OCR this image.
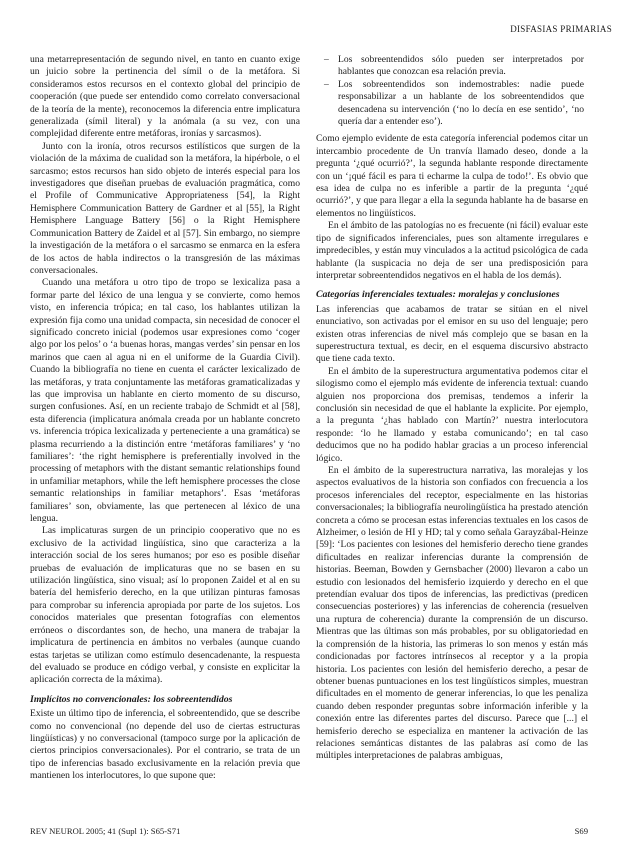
DISFASIAS PRIMARIAS

una metarrepresentación de segundo nivel, en tanto en cuanto exige un juicio sobre la pertinencia del símil o de la metáfora. Si consideramos estos recursos en el contexto global del principio de cooperación (que puede ser entendido como correlato conversacional de la teoría de la mente), reconocemos la diferencia entre implicatura generalizada (símil literal) y la anómala (a su vez, con una complejidad diferente entre metáforas, ironías y sarcasmos).

Junto con la ironía, otros recursos estilísticos que surgen de la violación de la máxima de cualidad son la metáfora, la hipérbole, o el sarcasmo; estos recursos han sido objeto de interés especial para los investigadores que diseñan pruebas de evaluación pragmática, como el Profile of Communicative Appropriateness [54], la Right Hemisphere Communication Battery de Gardner et al [55], la Right Hemisphere Language Battery [56] o la Right Hemisphere Communication Battery de Zaidel et al [57]. Sin embargo, no siempre la investigación de la metáfora o el sarcasmo se enmarca en la esfera de los actos de habla indirectos o la transgresión de las máximas conversacionales.

Cuando una metáfora u otro tipo de tropo se lexicaliza pasa a formar parte del léxico de una lengua y se convierte, como hemos visto, en inferencia trópica; en tal caso, los hablantes utilizan la expresión fija como una unidad compacta, sin necesidad de conocer el significado concreto inicial (podemos usar expresiones como ‘coger algo por los pelos’ o ‘a buenas horas, mangas verdes’ sin pensar en los marinos que caen al agua ni en el uniforme de la Guardia Civil). Cuando la bibliografía no tiene en cuenta el carácter lexicalizado de las metáforas, y trata conjuntamente las metáforas gramaticalizadas y las que improvisa un hablante en cierto momento de su discurso, surgen confusiones. Así, en un reciente trabajo de Schmidt et al [58], esta diferencia (implicatura anómala creada por un hablante concreto vs. inferencia trópica lexicalizada y perteneciente a una gramática) se plasma recurriendo a la distinción entre ‘metáforas familiares’ y ‘no familiares’: ‘the right hemisphere is preferentially involved in the processing of metaphors with the distant semantic relationships found in unfamiliar metaphors, while the left hemisphere processes the close semantic relationships in familiar metaphors’. Esas ‘metáforas familiares’ son, obviamente, las que pertenecen al léxico de una lengua.

Las implicaturas surgen de un principio cooperativo que no es exclusivo de la actividad lingüística, sino que caracteriza a la interacción social de los seres humanos; por eso es posible diseñar pruebas de evaluación de implicaturas que no se basen en su utilización lingüística, sino visual; así lo proponen Zaidel et al en su batería del hemisferio derecho, en la que utilizan pinturas famosas para comprobar su inferencia apropiada por parte de los sujetos. Los conocidos materiales que presentan fotografías con elementos erróneos o discordantes son, de hecho, una manera de trabajar la implicatura de pertinencia en ámbitos no verbales (aunque cuando estas tarjetas se utilizan como estímulo desencadenante, la respuesta del evaluado se produce en código verbal, y consiste en explicitar la aplicación correcta de la máxima).

Implícitos no convencionales: los sobreentendidos

Existe un último tipo de inferencia, el sobreentendido, que se describe como no convencional (no depende del uso de ciertas estructuras lingüísticas) y no conversacional (tampoco surge por la aplicación de ciertos principios conversacionales). Por el contrario, se trata de un tipo de inferencias basado exclusivamente en la relación previa que mantienen los interlocutores, lo que supone que:

– Los sobreentendidos sólo pueden ser interpretados por hablantes que conozcan esa relación previa.
– Los sobreentendidos son indemostrables: nadie puede responsabilizar a un hablante de los sobreentendidos que desencadena su intervención (‘no lo decía en ese sentido’, ‘no quería dar a entender eso’).

Como ejemplo evidente de esta categoría inferencial podemos citar un intercambio procedente de Un tranvía llamado deseo, donde a la pregunta ‘¿qué ocurrió?’, la segunda hablante responde directamente con un ‘¡qué fácil es para ti echarme la culpa de todo!’. Es obvio que esa idea de culpa no es inferible a partir de la pregunta ‘¿qué ocurrió?’, y que para llegar a ella la segunda hablante ha de basarse en elementos no lingüísticos.

En el ámbito de las patologías no es frecuente (ni fácil) evaluar este tipo de significados inferenciales, pues son altamente irregulares e impredecibles, y están muy vinculados a la actitud psicológica de cada hablante (la suspicacia no deja de ser una predisposición para interpretar sobreentendidos negativos en el habla de los demás).

Categorías inferenciales textuales: moralejas y conclusiones

Las inferencias que acabamos de tratar se sitúan en el nivel enunciativo, son activadas por el emisor en su uso del lenguaje; pero existen otras inferencias de nivel más complejo que se basan en la superestructura textual, es decir, en el esquema discursivo abstracto que tiene cada texto.

En el ámbito de la superestructura argumentativa podemos citar el silogismo como el ejemplo más evidente de inferencia textual: cuando alguien nos proporciona dos premisas, tendemos a inferir la conclusión sin necesidad de que el hablante la explicite. Por ejemplo, a la pregunta ‘¿has hablado con Martín?’ nuestra interlocutora responde: ‘lo he llamado y estaba comunicando’; en tal caso deducimos que no ha podido hablar gracias a un proceso inferencial lógico.

En el ámbito de la superestructura narrativa, las moralejas y los aspectos evaluativos de la historia son confiados con frecuencia a los procesos inferenciales del receptor, especialmente en las historias conversacionales; la bibliografía neurolingüística ha prestado atención concreta a cómo se procesan estas inferencias textuales en los casos de Alzheimer, o lesión de HI y HD; tal y como señala Garayzábal-Heinze [59]: ‘Los pacientes con lesiones del hemisferio derecho tiene grandes dificultades en realizar inferencias durante la comprensión de historias. Beeman, Bowden y Gernsbacher (2000) llevaron a cabo un estudio con lesionados del hemisferio izquierdo y derecho en el que pretendían evaluar dos tipos de inferencias, las predictivas (predicen consecuencias posteriores) y las inferencias de coherencia (resuelven una ruptura de coherencia) durante la comprensión de un discurso. Mientras que las últimas son más probables, por su obligatoriedad en la comprensión de la historia, las primeras lo son menos y están más condicionadas por factores intrínsecos al receptor y a la propia historia. Los pacientes con lesión del hemisferio derecho, a pesar de obtener buenas puntuaciones en los test lingüísticos simples, muestran dificultades en el momento de generar inferencias, lo que les penaliza cuando deben responder preguntas sobre información inferible y la conexión entre las diferentes partes del discurso. Parece que [...] el hemisferio derecho se especializa en mantener la activación de las relaciones semánticas distantes de las palabras así como de las múltiples interpretaciones de palabras ambiguas,

REV NEUROL 2005; 41 (Supl 1): S65-S71	S69
